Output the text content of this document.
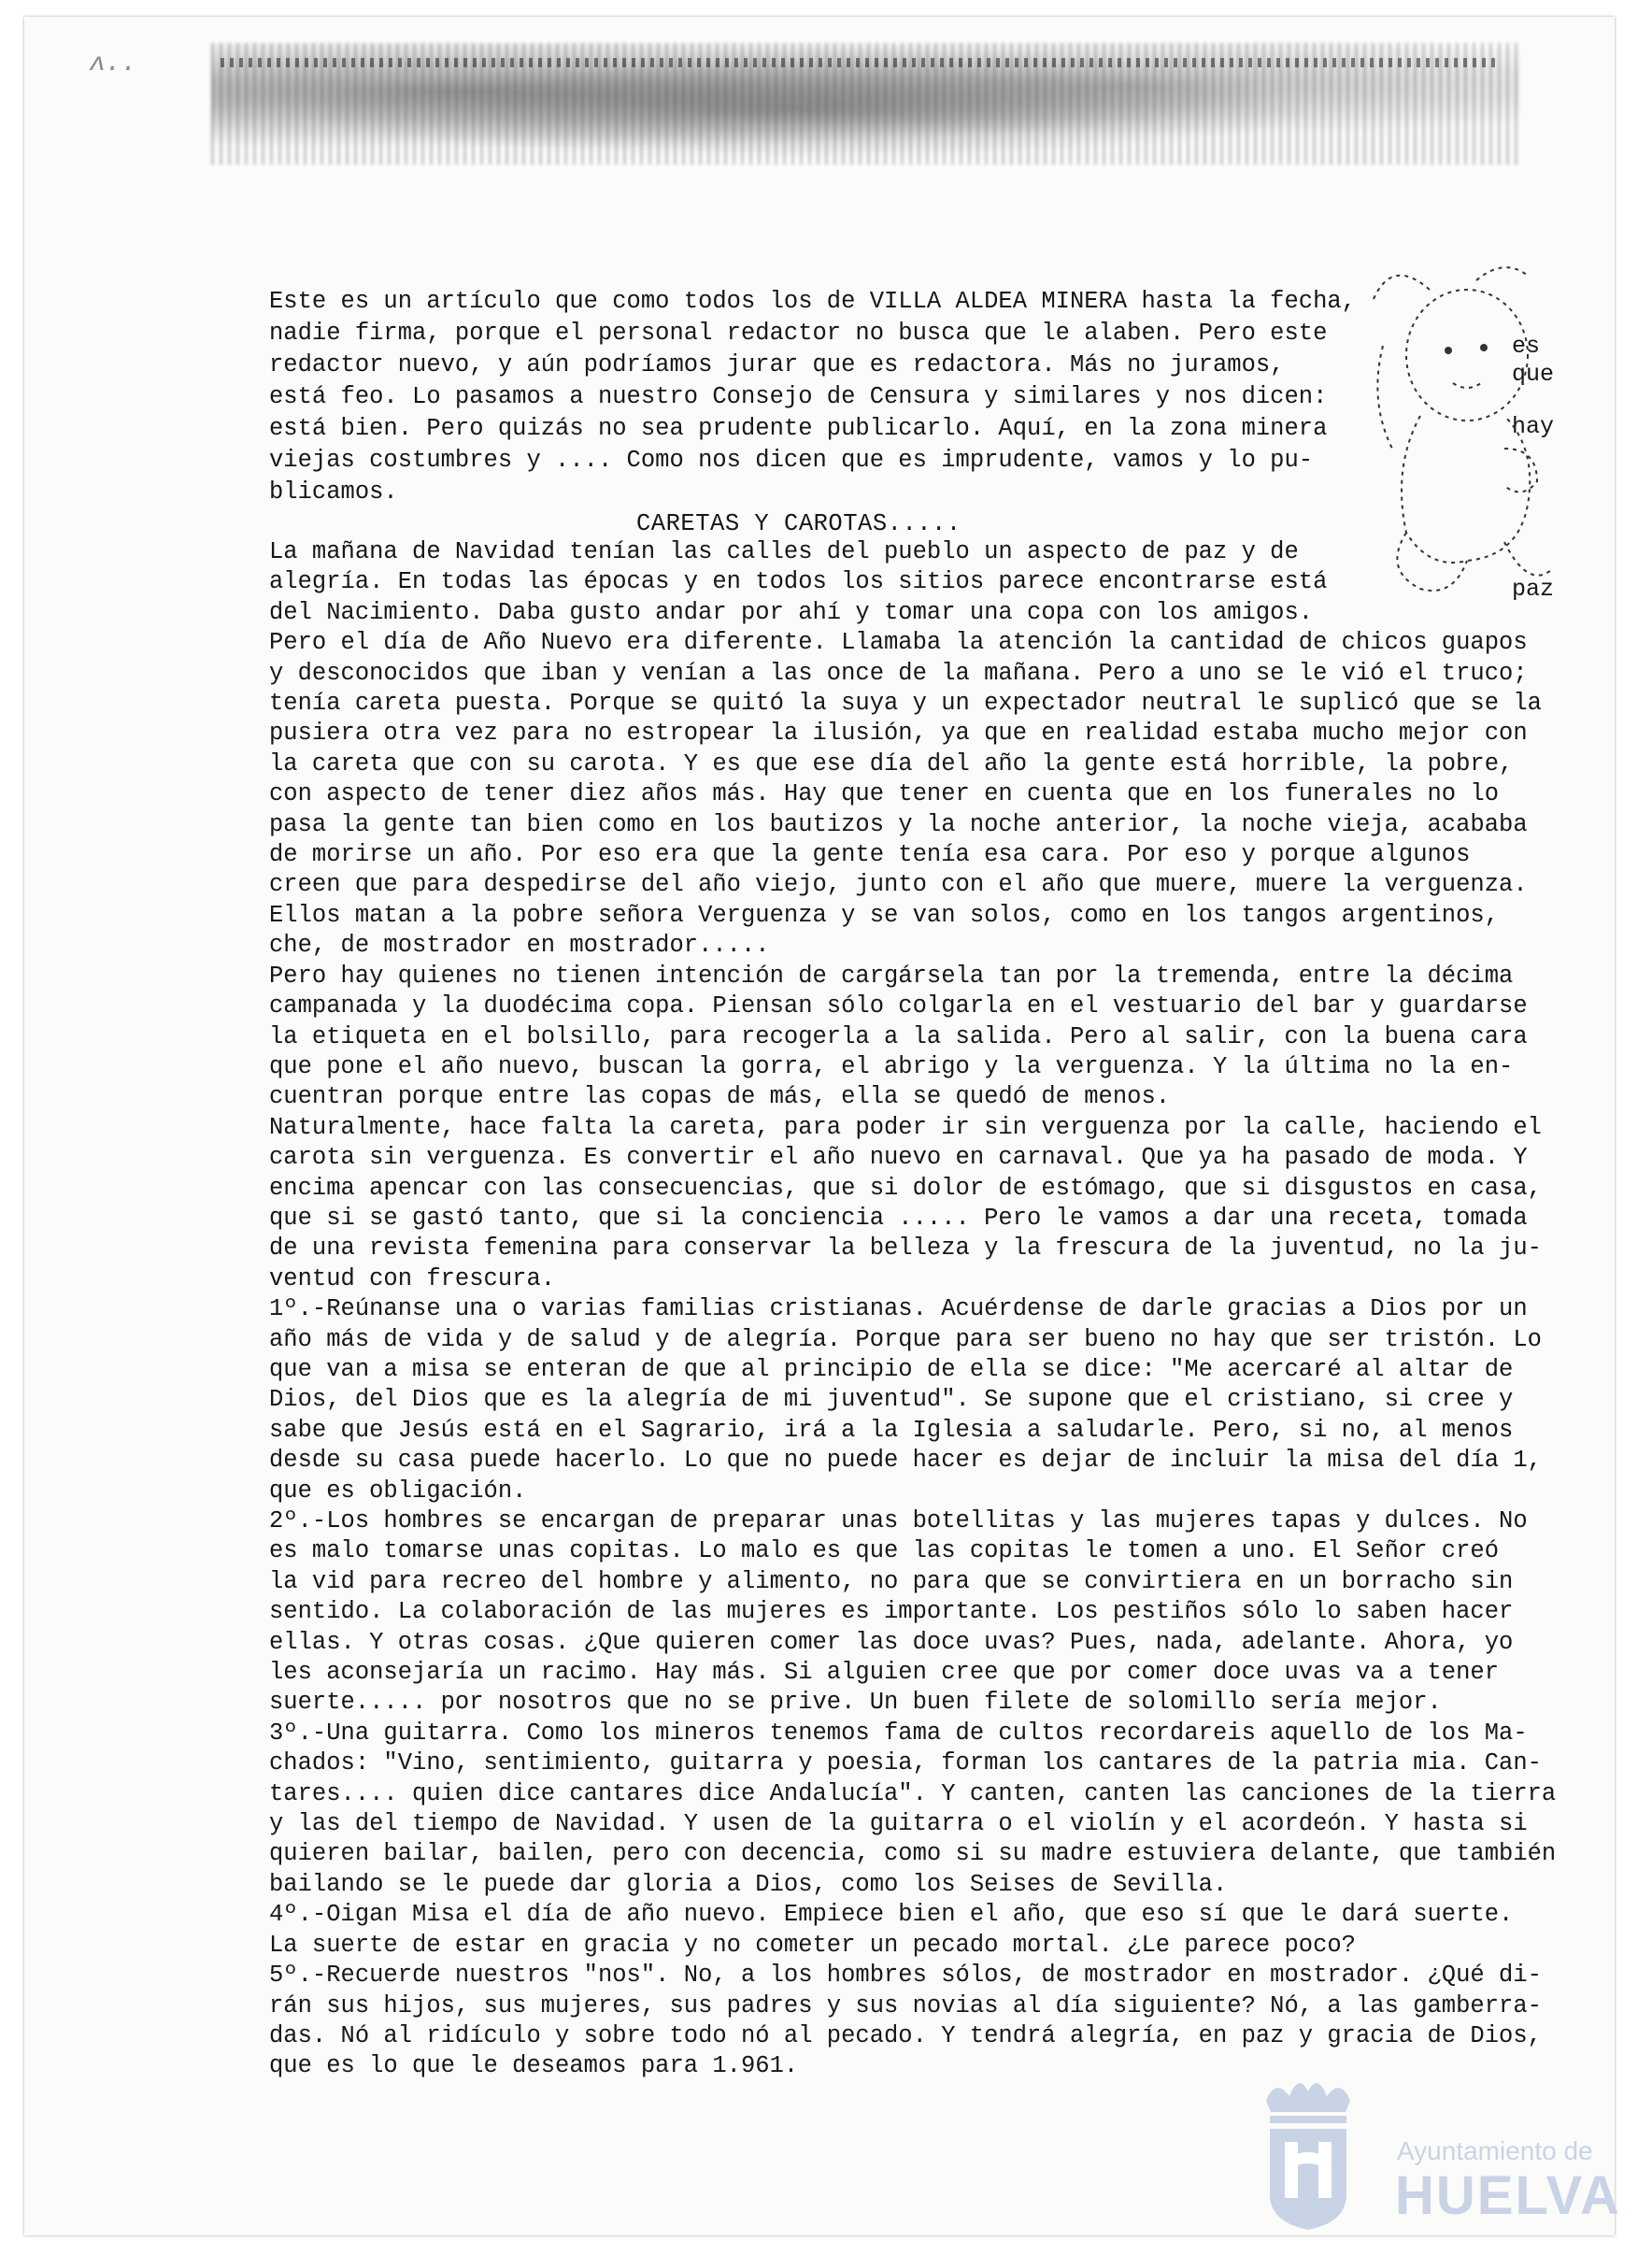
ʌ..
Este es un artículo que como todos los de VILLA ALDEA MINERA hasta la fecha,
nadie firma, porque el personal redactor no busca que le alaben. Pero este
redactor nuevo, y aún podríamos jurar que es redactora. Más no juramos,
está feo. Lo pasamos a nuestro Consejo de Censura y similares y nos dicen:
está bien. Pero quizás no sea prudente publicarlo. Aquí, en la zona minera
viejas costumbres y .... Como nos dicen que es imprudente, vamos y lo pu-
blicamos.
es
que
hay
paz
CARETAS Y CAROTAS.....
La mañana de Navidad tenían las calles del pueblo un aspecto de paz y de
alegría. En todas las épocas y en todos los sitios parece encontrarse está
del Nacimiento. Daba gusto andar por ahí y tomar una copa con los amigos.
Pero el día de Año Nuevo era diferente. Llamaba la atención la cantidad de chicos guapos
y desconocidos que iban y venían a las once de la mañana. Pero a uno se le vió el truco;
tenía careta puesta. Porque se quitó la suya y un expectador neutral le suplicó que se la
pusiera otra vez para no estropear la ilusión, ya que en realidad estaba mucho mejor con
la careta que con su carota. Y es que ese día del año la gente está horrible, la pobre,
con aspecto de tener diez años más. Hay que tener en cuenta que en los funerales no lo
pasa la gente tan bien como en los bautizos y la noche anterior, la noche vieja, acababa
de morirse un año. Por eso era que la gente tenía esa cara. Por eso y porque algunos
creen que para despedirse del año viejo, junto con el año que muere, muere la verguenza.
Ellos matan a la pobre señora Verguenza y se van solos, como en los tangos argentinos,
che, de mostrador en mostrador.....
Pero hay quienes no tienen intención de cargársela tan por la tremenda, entre la décima
campanada y la duodécima copa. Piensan sólo colgarla en el vestuario del bar y guardarse
la etiqueta en el bolsillo, para recogerla a la salida. Pero al salir, con la buena cara
que pone el año nuevo, buscan la gorra, el abrigo y la verguenza. Y la última no la en-
cuentran porque entre las copas de más, ella se quedó de menos.
Naturalmente, hace falta la careta, para poder ir sin verguenza por la calle, haciendo el
carota sin verguenza. Es convertir el año nuevo en carnaval. Que ya ha pasado de moda. Y
encima apencar con las consecuencias, que si dolor de estómago, que si disgustos en casa,
que si se gastó tanto, que si la conciencia ..... Pero le vamos a dar una receta, tomada
de una revista femenina para conservar la belleza y la frescura de la juventud, no la ju-
ventud con frescura.
1º.-Reúnanse una o varias familias cristianas. Acuérdense de darle gracias a Dios por un
año más de vida y de salud y de alegría. Porque para ser bueno no hay que ser tristón. Lo
que van a misa se enteran de que al principio de ella se dice: "Me acercaré al altar de
Dios, del Dios que es la alegría de mi juventud". Se supone que el cristiano, si cree y
sabe que Jesús está en el Sagrario, irá a la Iglesia a saludarle. Pero, si no, al menos
desde su casa puede hacerlo. Lo que no puede hacer es dejar de incluir la misa del día 1,
que es obligación.
2º.-Los hombres se encargan de preparar unas botellitas y las mujeres tapas y dulces. No
es malo tomarse unas copitas. Lo malo es que las copitas le tomen a uno. El Señor creó
la vid para recreo del hombre y alimento, no para que se convirtiera en un borracho sin
sentido. La colaboración de las mujeres es importante. Los pestiños sólo lo saben hacer
ellas. Y otras cosas. ¿Que quieren comer las doce uvas? Pues, nada, adelante. Ahora, yo
les aconsejaría un racimo. Hay más. Si alguien cree que por comer doce uvas va a tener
suerte..... por nosotros que no se prive. Un buen filete de solomillo sería mejor.
3º.-Una guitarra. Como los mineros tenemos fama de cultos recordareis aquello de los Ma-
chados: "Vino, sentimiento, guitarra y poesia, forman los cantares de la patria mia. Can-
tares.... quien dice cantares dice Andalucía". Y canten, canten las canciones de la tierra
y las del tiempo de Navidad. Y usen de la guitarra o el violín y el acordeón. Y hasta si
quieren bailar, bailen, pero con decencia, como si su madre estuviera delante, que también
bailando se le puede dar gloria a Dios, como los Seises de Sevilla.
4º.-Oigan Misa el día de año nuevo. Empiece bien el año, que eso sí que le dará suerte.
La suerte de estar en gracia y no cometer un pecado mortal. ¿Le parece poco?
5º.-Recuerde nuestros "nos". No, a los hombres sólos, de mostrador en mostrador. ¿Qué di-
rán sus hijos, sus mujeres, sus padres y sus novias al día siguiente? Nó, a las gamberra-
das. Nó al ridículo y sobre todo nó al pecado. Y tendrá alegría, en paz y gracia de Dios,
que es lo que le deseamos para 1.961.
Ayuntamiento de
HUELVA
